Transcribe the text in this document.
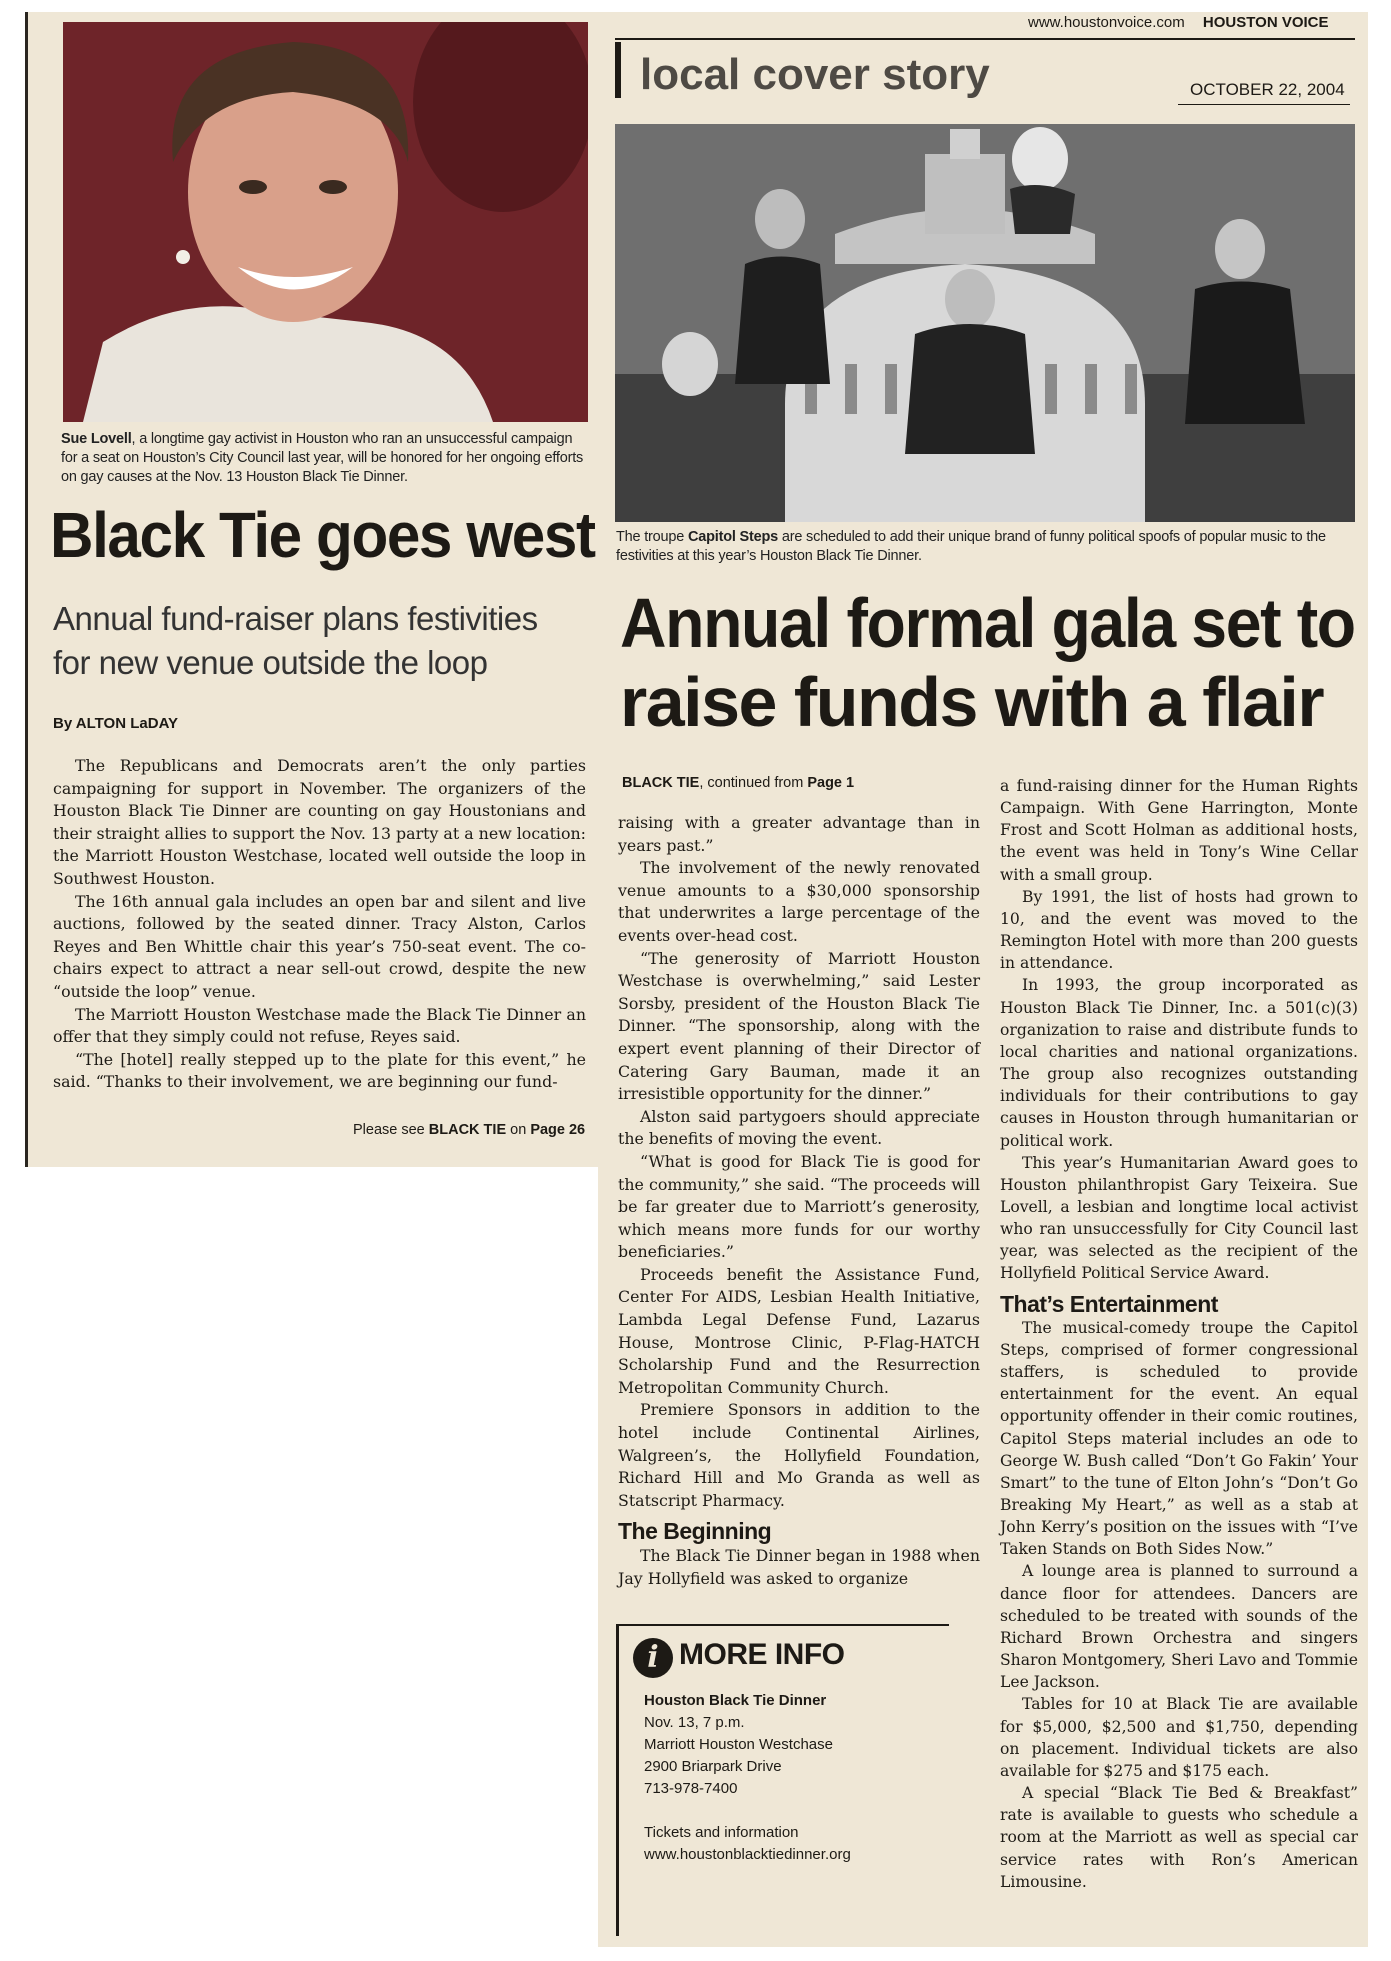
Sue Lovell, a longtime gay activist in Houston who ran an unsuccessful campaign for a seat on Houston’s City Council last year, will be honored for her ongoing efforts on gay causes at the Nov. 13 Houston Black Tie Dinner.
Black Tie goes west
Annual fund-raiser plans festivities for new venue outside the loop
By ALTON LaDAY

The Republicans and Democrats aren’t the only parties campaigning for support in November. The organizers of the Houston Black Tie Dinner are counting on gay Houstonians and their straight allies to support the Nov. 13 party at a new location: the Marriott Houston Westchase, located well outside the loop in Southwest Houston.

The 16th annual gala includes an open bar and silent and live auctions, followed by the seated dinner. Tracy Alston, Carlos Reyes and Ben Whittle chair this year’s 750-seat event. The co-chairs expect to attract a near sell-out crowd, despite the new “outside the loop” venue.

The Marriott Houston Westchase made the Black Tie Dinner an offer that they simply could not refuse, Reyes said.

“The [hotel] really stepped up to the plate for this event,” he said. “Thanks to their involvement, we are beginning our fund-

Please see BLACK TIE on Page 26
www.houstonvoice.com HOUSTON VOICE
local cover story	OCTOBER 22, 2004
The troupe Capitol Steps are scheduled to add their unique brand of funny political spoofs of popular music to the festivities at this year’s Houston Black Tie Dinner.
Annual formal gala set to
raise funds with a flair
BLACK TIE, continued from Page 1

raising with a greater advantage than in years past.”

The involvement of the newly renovated venue amounts to a $30,000 sponsorship that underwrites a large percentage of the events over-head cost.

“The generosity of Marriott Houston Westchase is overwhelming,” said Lester Sorsby, president of the Houston Black Tie Dinner. “The sponsorship, along with the expert event planning of their Director of Catering Gary Bauman, made it an irresistible opportunity for the dinner.”

Alston said partygoers should appreciate the benefits of moving the event.

“What is good for Black Tie is good for the community,” she said. “The proceeds will be far greater due to Marriott’s generosity, which means more funds for our worthy beneficiaries.”

Proceeds benefit the Assistance Fund, Center For AIDS, Lesbian Health Initiative, Lambda Legal Defense Fund, Lazarus House, Montrose Clinic, P-Flag-HATCH Scholarship Fund and the Resurrection Metropolitan Community Church.

Premiere Sponsors in addition to the hotel include Continental Airlines, Walgreen’s, the Hollyfield Foundation, Richard Hill and Mo Granda as well as Statscript Pharmacy.

The Beginning

The Black Tie Dinner began in 1988 when Jay Hollyfield was asked to organize

i MORE INFO
Houston Black Tie Dinner
Nov. 13, 7 p.m.
Marriott Houston Westchase
2900 Briarpark Drive
713-978-7400
Tickets and information
www.houstonblacktiedinner.org

a fund-raising dinner for the Human Rights Campaign. With Gene Harrington, Monte Frost and Scott Holman as additional hosts, the event was held in Tony’s Wine Cellar with a small group.

By 1991, the list of hosts had grown to 10, and the event was moved to the Remington Hotel with more than 200 guests in attendance.

In 1993, the group incorporated as Houston Black Tie Dinner, Inc. a 501(c)(3) organization to raise and distribute funds to local charities and national organizations. The group also recognizes outstanding individuals for their contributions to gay causes in Houston through humanitarian or political work.

This year’s Humanitarian Award goes to Houston philanthropist Gary Teixeira. Sue Lovell, a lesbian and longtime local activist who ran unsuccessfully for City Council last year, was selected as the recipient of the Hollyfield Political Service Award.

That’s Entertainment

The musical-comedy troupe the Capitol Steps, comprised of former congressional staffers, is scheduled to provide entertainment for the event. An equal opportunity offender in their comic routines, Capitol Steps material includes an ode to George W. Bush called “Don’t Go Fakin’ Your Smart” to the tune of Elton John’s “Don’t Go Breaking My Heart,” as well as a stab at John Kerry’s position on the issues with “I’ve Taken Stands on Both Sides Now.”

A lounge area is planned to surround a dance floor for attendees. Dancers are scheduled to be treated with sounds of the Richard Brown Orchestra and singers Sharon Montgomery, Sheri Lavo and Tommie Lee Jackson.

Tables for 10 at Black Tie are available for $5,000, $2,500 and $1,750, depending on placement. Individual tickets are also available for $275 and $175 each.

A special “Black Tie Bed & Breakfast” rate is available to guests who schedule a room at the Marriott as well as special car service rates with Ron’s American Limousine.
